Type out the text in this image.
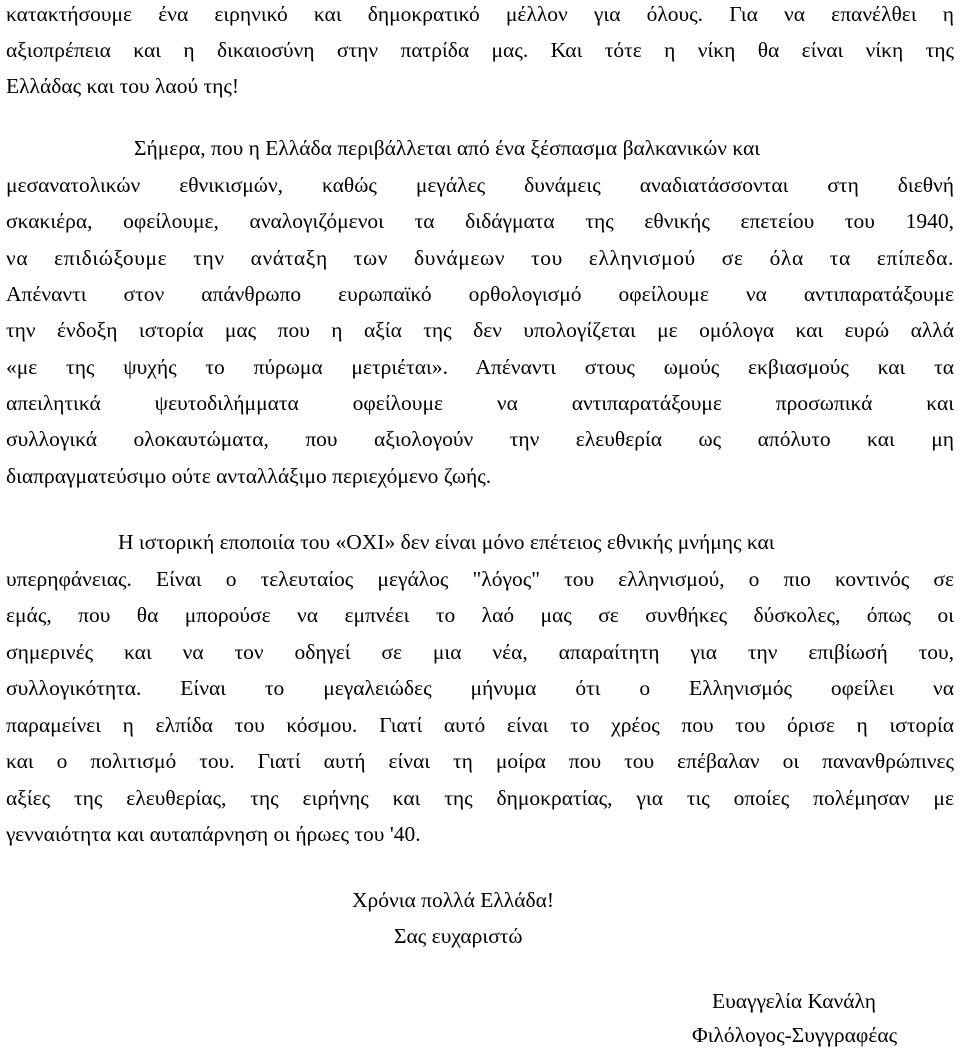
κατακτήσουμε ένα ειρηνικό και δημοκρατικό μέλλον για όλους. Για να επανέλθει η
αξιοπρέπεια και η δικαιοσύνη στην πατρίδα μας. Και τότε η νίκη θα είναι νίκη της
Ελλάδας και του λαού της!
Σήμερα, που η Ελλάδα περιβάλλεται από ένα ξέσπασμα βαλκανικών και
μεσανατολικών εθνικισμών, καθώς μεγάλες δυνάμεις αναδιατάσσονται στη διεθνή
σκακιέρα, οφείλουμε, αναλογιζόμενοι τα διδάγματα της εθνικής επετείου του 1940,
να επιδιώξουμε την ανάταξη των δυνάμεων του ελληνισμού σε όλα τα επίπεδα.
Απέναντι στον απάνθρωπο ευρωπαϊκό ορθολογισμό οφείλουμε να αντιπαρατάξουμε
την ένδοξη ιστορία μας που η αξία της δεν υπολογίζεται με ομόλογα και ευρώ αλλά
«με της ψυχής το πύρωμα μετριέται». Απέναντι στους ωμούς εκβιασμούς και τα
απειλητικά ψευτοδιλήμματα οφείλουμε να αντιπαρατάξουμε προσωπικά και
συλλογικά ολοκαυτώματα, που αξιολογούν την ελευθερία ως απόλυτο και μη
διαπραγματεύσιμο ούτε ανταλλάξιμο περιεχόμενο ζωής.
Η ιστορική εποποιία του «ΟΧΙ» δεν είναι μόνο επέτειος εθνικής μνήμης και
υπερηφάνειας. Είναι ο τελευταίος μεγάλος "λόγος" του ελληνισμού, ο πιο κοντινός σε
εμάς, που θα μπορούσε να εμπνέει το λαό μας σε συνθήκες δύσκολες, όπως οι
σημερινές και να τον οδηγεί σε μια νέα, απαραίτητη για την επιβίωσή του,
συλλογικότητα. Είναι το μεγαλειώδες μήνυμα ότι ο Ελληνισμός οφείλει να
παραμείνει η ελπίδα του κόσμου. Γιατί αυτό είναι το χρέος που του όρισε η ιστορία
και ο πολιτισμό του. Γιατί αυτή είναι τη μοίρα που του επέβαλαν οι πανανθρώπινες
αξίες της ελευθερίας, της ειρήνης και της δημοκρατίας, για τις οποίες πολέμησαν με
γενναιότητα και αυταπάρνηση οι ήρωες του '40.
Χρόνια πολλά Ελλάδα!
Σας ευχαριστώ
Ευαγγελία Κανάλη
Φιλόλογος-Συγγραφέας
